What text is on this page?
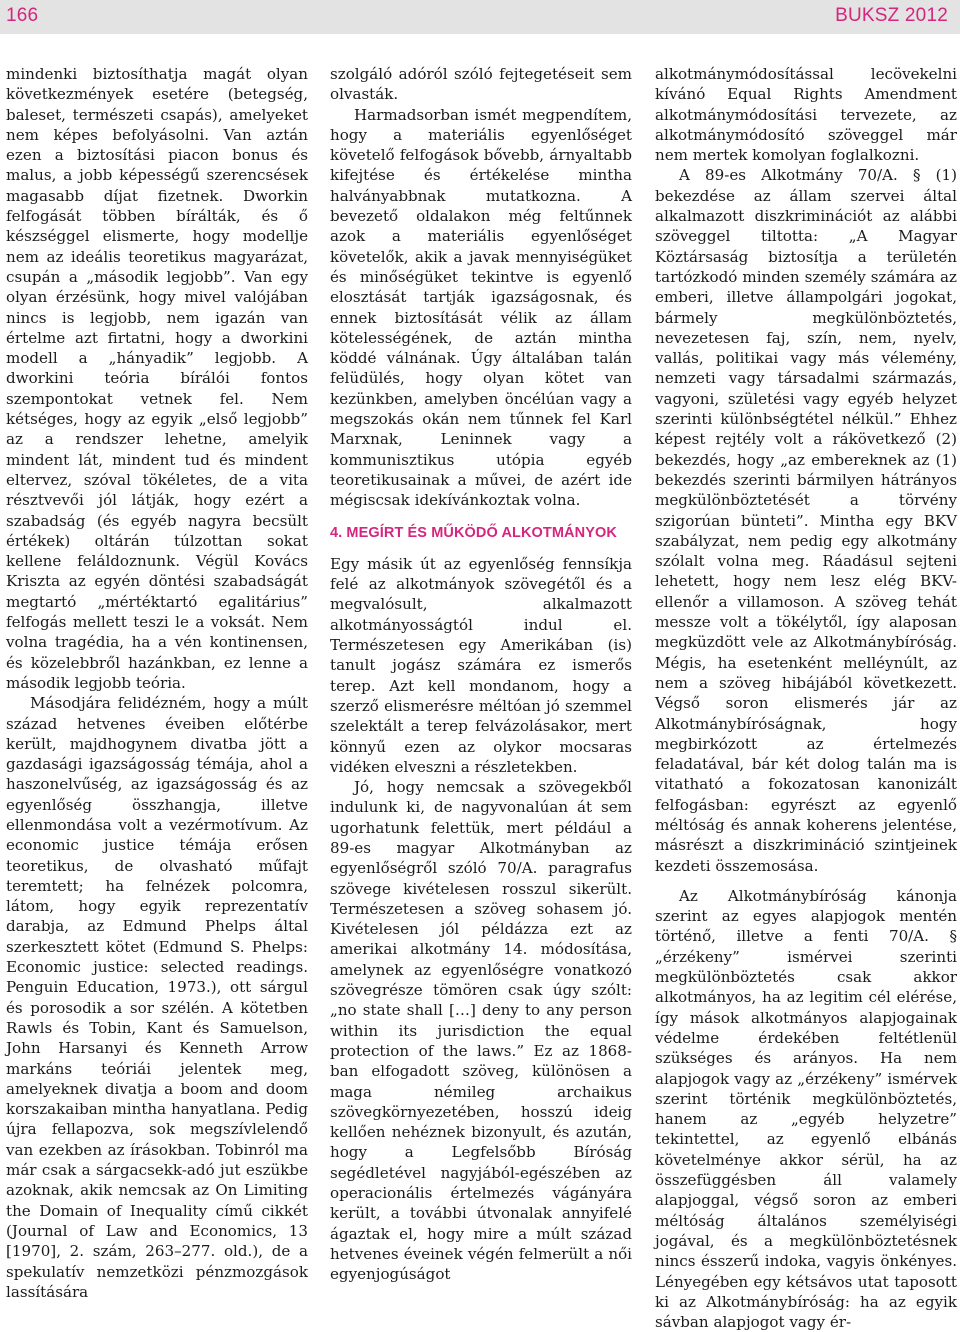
166	BUKSZ 2012

mindenki biztosíthatja magát olyan következmények esetére (betegség, baleset, természeti csapás), amelyeket nem képes befolyásolni. Van aztán ezen a biztosítási piacon bonus és malus, a jobb képességű szerencsések magasabb díjat fizetnek. Dworkin felfogását többen bírálták, és ő készséggel elismerte, hogy modellje nem az ideális teoretikus magyarázat, csupán a „második legjobb”. Van egy olyan érzésünk, hogy mivel valójában nincs is legjobb, nem igazán van értelme azt firtatni, hogy a dworkini modell a „hányadik” legjobb. A dworkini teória bírálói fontos szempontokat vetnek fel. Nem kétséges, hogy az egyik „első legjobb” az a rendszer lehetne, amelyik mindent lát, mindent tud és mindent eltervez, szóval tökéletes, de a vita résztvevői jól látják, hogy ezért a szabadság (és egyéb nagyra becsült értékek) oltárán túlzottan sokat kellene feláldoznunk. Végül Kovács Kriszta az egyén döntési szabadságát megtartó „mértéktartó egalitárius” felfogás mellett teszi le a voksát. Nem volna tragédia, ha a vén kontinensen, és közelebbről hazánkban, ez lenne a második legjobb teória.

Másodjára felidézném, hogy a múlt század hetvenes éveiben előtérbe került, majdhogynem divatba jött a gazdasági igazságosság témája, ahol a haszonelvűség, az igazságosság és az egyenlőség összhangja, illetve ellenmondása volt a vezérmotívum. Az economic justice témája erősen teoretikus, de olvasható műfajt teremtett; ha felnézek polcomra, látom, hogy egyik reprezentatív darabja, az Edmund Phelps által szerkesztett kötet (Edmund S. Phelps: Economic justice: selected readings. Penguin Education, 1973.), ott sárgul és porosodik a sor szélén. A kötetben Rawls és Tobin, Kant és Samuelson, John Harsanyi és Kenneth Arrow markáns teóriái jelentek meg, amelyeknek divatja a boom and doom korszakaiban mintha hanyatlana. Pedig újra fellapozva, sok megszívlelendő van ezekben az írásokban. Tobinról ma már csak a sárgacsekk-adó jut eszükbe azoknak, akik nemcsak az On Limiting the Domain of Inequality című cikkét (Journal of Law and Economics, 13 [1970], 2. szám, 263–277. old.), de a spekulatív nemzetközi pénzmozgások lassítására

szolgáló adóról szóló fejtegetéseit sem olvasták.

Harmadsorban ismét megpendítem, hogy a materiális egyenlőséget követelő felfogások bővebb, árnyaltabb kifejtése és értékelése mintha halványabbnak mutatkozna. A bevezető oldalakon még feltűnnek azok a materiális egyenlőséget követelők, akik a javak mennyiségüket és minőségüket tekintve is egyenlő elosztását tartják igazságosnak, és ennek biztosítását vélik az állam kötelességének, de aztán mintha köddé válnának. Úgy általában talán felüdülés, hogy olyan kötet van kezünkben, amelyben öncélúan vagy a megszokás okán nem tűnnek fel Karl Marxnak, Leninnek vagy a kommunisztikus utópia egyéb teoretikusainak a művei, de azért ide mégiscsak idekívánkoztak volna.

4. MEGÍRT ÉS MŰKÖDŐ ALKOTMÁNYOK

Egy másik út az egyenlőség fennsíkja felé az alkotmányok szövegétől és a megvalósult, alkalmazott alkotmányosságtól indul el. Természetesen egy Amerikában (is) tanult jogász számára ez ismerős terep. Azt kell mondanom, hogy a szerző elismerésre méltóan jó szemmel szelektált a terep felvázolásakor, mert könnyű ezen az olykor mocsaras vidéken elveszni a részletekben.

Jó, hogy nemcsak a szövegekből indulunk ki, de nagyvonalúan át sem ugorhatunk felettük, mert például a 89-es magyar Alkotmányban az egyenlőségről szóló 70/A. paragrafus szövege kivételesen rosszul sikerült. Természetesen a szöveg sohasem jó. Kivételesen jól példázza ezt az amerikai alkotmány 14. módosítása, amelynek az egyenlőségre vonatkozó szövegrésze tömören csak úgy szólt: „no state shall […] deny to any person within its jurisdiction the equal protection of the laws.” Ez az 1868-ban elfogadott szöveg, különösen a maga némileg archaikus szövegkörnyezetében, hosszú ideig kellően nehéznek bizonyult, és azután, hogy a Legfelsőbb Bíróság segédletével nagyjából-egészében az operacionális értelmezés vágányára került, a további útvonalak annyifelé ágaztak el, hogy mire a múlt század hetvenes éveinek végén felmerült a női egyenjogúságot

alkotmánymódosítással lecövekelni kívánó Equal Rights Amendment alkotmánymódosítási tervezete, az alkotmánymódosító szöveggel már nem mertek komolyan foglalkozni.

A 89-es Alkotmány 70/A. § (1) bekezdése az állam szervei által alkalmazott diszkriminációt az alábbi szöveggel tiltotta: „A Magyar Köztársaság biztosítja a területén tartózkodó minden személy számára az emberi, illetve állampolgári jogokat, bármely megkülönböztetés, nevezetesen faj, szín, nem, nyelv, vallás, politikai vagy más vélemény, nemzeti vagy társadalmi származás, vagyoni, születési vagy egyéb helyzet szerinti különbségtétel nélkül.” Ehhez képest rejtély volt a rákövetkező (2) bekezdés, hogy „az embereknek az (1) bekezdés szerinti bármilyen hátrányos megkülönböztetését a törvény szigorúan bünteti”. Mintha egy BKV szabályzat, nem pedig egy alkotmány szólalt volna meg. Ráadásul sejteni lehetett, hogy nem lesz elég BKV-ellenőr a villamoson. A szöveg tehát messze volt a tökélytől, így alaposan megküzdött vele az Alkotmánybíróság. Mégis, ha esetenként melléynúlt, az nem a szöveg hibájából következett. Végső soron elismerés jár az Alkotmánybíróságnak, hogy megbirkózott az értelmezés feladatával, bár két dolog talán ma is vitatható a fokozatosan kanonizált felfogásban: egyrészt az egyenlő méltóság és annak koherens jelentése, másrészt a diszkrimináció szintjeinek kezdeti összemosása.

Az Alkotmánybíróság kánonja szerint az egyes alapjogok mentén történő, illetve a fenti 70/A. § „érzékeny” ismérvei szerinti megkülönböztetés csak akkor alkotmányos, ha az legitim cél elérése, így mások alkotmányos alapjogainak védelme érdekében feltétlenül szükséges és arányos. Ha nem alapjogok vagy az „érzékeny” ismérvek szerint történik megkülönböztetés, hanem az „egyéb helyzetre” tekintettel, az egyenlő elbánás követelménye akkor sérül, ha az összefüggésben áll valamely alapjoggal, végső soron az emberi méltóság általános személyiségi jogával, és a megkülönböztetésnek nincs ésszerű indoka, vagyis önkényes. Lényegében egy kétsávos utat taposott ki az Alkotmánybíróság: ha az egyik sávban alapjogot vagy ér-
